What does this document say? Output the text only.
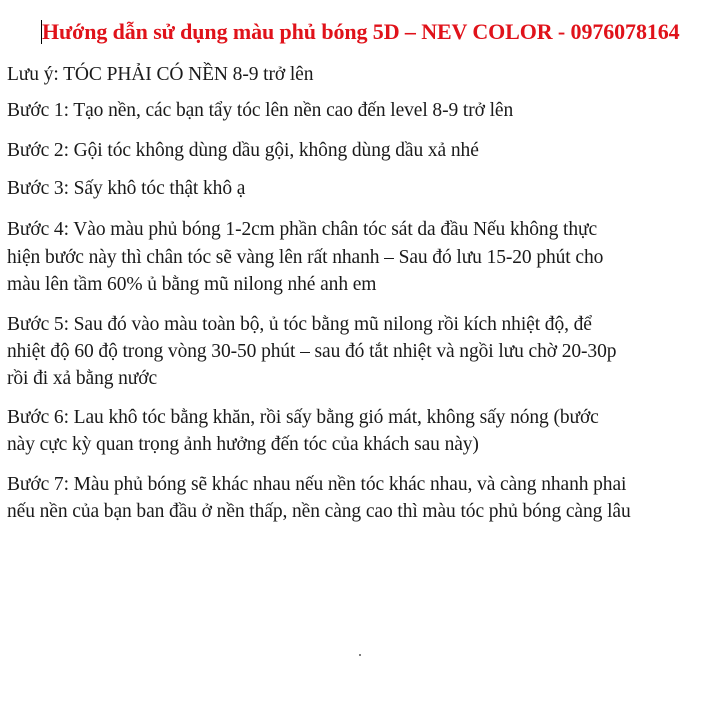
Hướng dẫn sử dụng màu phủ bóng 5D – NEV COLOR - 0976078164
Lưu ý: TÓC PHẢI CÓ NỀN 8-9 trở lên
Bước 1: Tạo nền, các bạn tẩy tóc lên nền cao đến level 8-9 trở lên
Bước 2: Gội tóc không dùng dầu gội, không dùng dầu xả nhé
Bước 3: Sấy khô tóc thật khô ạ
Bước 4: Vào màu phủ bóng 1-2cm phần chân tóc sát da đầu Nếu không thực
hiện bước này thì chân tóc sẽ vàng lên rất nhanh – Sau đó lưu 15-20 phút cho
màu lên tầm 60% ủ bằng mũ nilong nhé anh em
Bước 5: Sau đó vào màu toàn bộ, ủ tóc bằng mũ nilong rồi kích nhiệt độ, để
nhiệt độ 60 độ trong vòng 30-50 phút – sau đó tắt nhiệt và ngồi lưu chờ 20-30p
rồi đi xả bằng nước
Bước 6: Lau khô tóc bằng khăn, rồi sấy bằng gió mát, không sấy nóng (bước
này cực kỳ quan trọng ảnh hưởng đến tóc của khách sau này)
Bước 7: Màu phủ bóng sẽ khác nhau nếu nền tóc khác nhau, và càng nhanh phai
nếu nền của bạn ban đầu ở nền thấp, nền càng cao thì màu tóc phủ bóng càng lâu
